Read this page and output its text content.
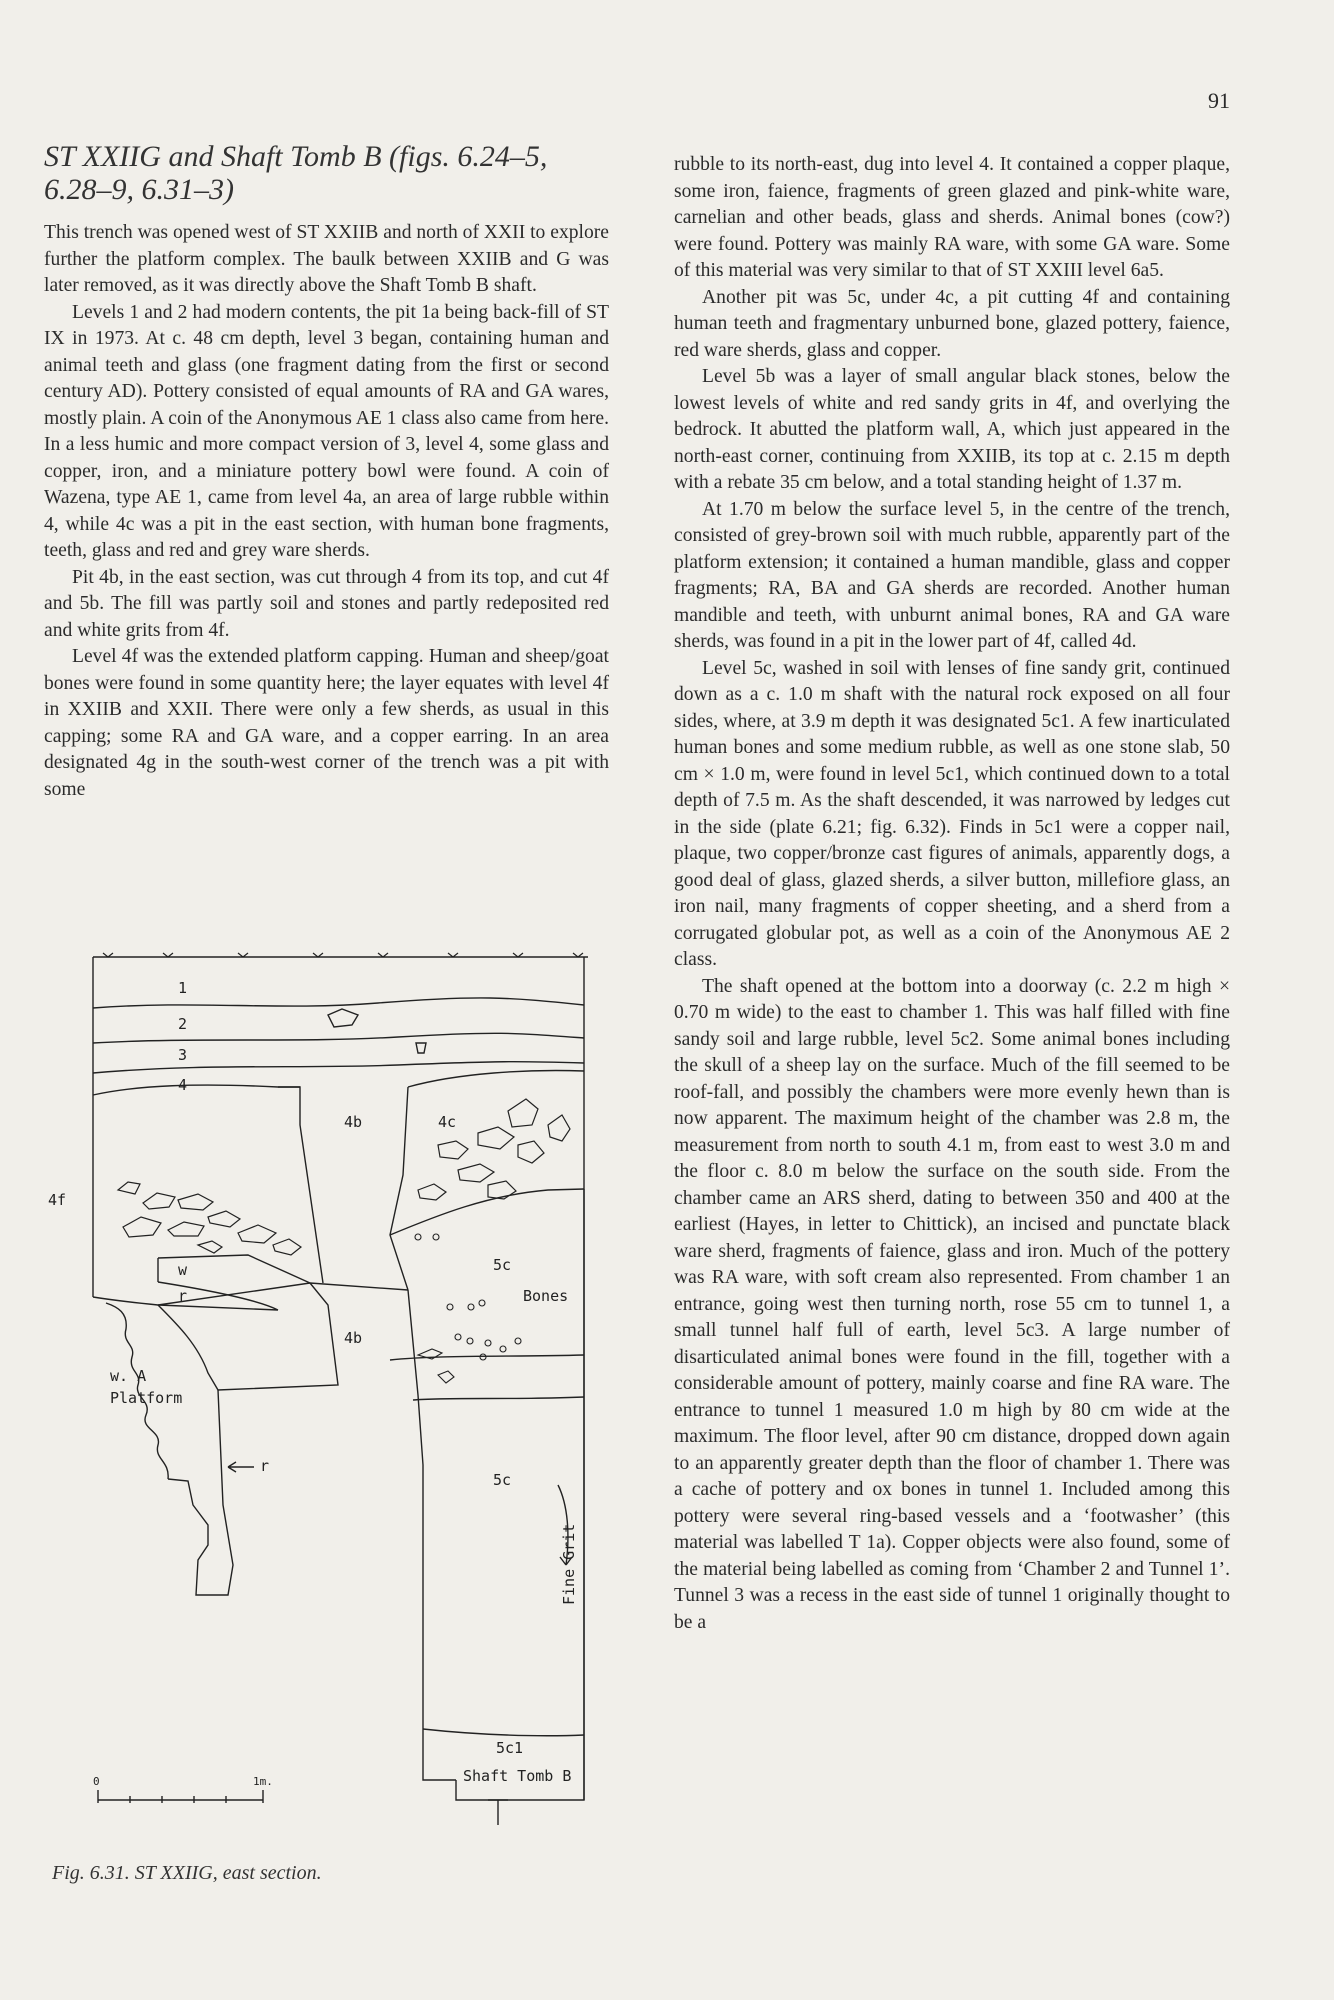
91
ST XXIIG and Shaft Tomb B (figs. 6.24–5, 6.28–9, 6.31–3)

This trench was opened west of ST XXIIB and north of XXII to explore further the platform complex. The baulk between XXIIB and G was later removed, as it was directly above the Shaft Tomb B shaft.

Levels 1 and 2 had modern contents, the pit 1a being back-fill of ST IX in 1973. At c. 48 cm depth, level 3 began, containing human and animal teeth and glass (one fragment dating from the first or second century AD). Pottery consisted of equal amounts of RA and GA wares, mostly plain. A coin of the Anonymous AE 1 class also came from here. In a less humic and more compact version of 3, level 4, some glass and copper, iron, and a miniature pottery bowl were found. A coin of Wazena, type AE 1, came from level 4a, an area of large rubble within 4, while 4c was a pit in the east section, with human bone fragments, teeth, glass and red and grey ware sherds.

Pit 4b, in the east section, was cut through 4 from its top, and cut 4f and 5b. The fill was partly soil and stones and partly redeposited red and white grits from 4f.

Level 4f was the extended platform capping. Human and sheep/goat bones were found in some quantity here; the layer equates with level 4f in XXIIB and XXII. There were only a few sherds, as usual in this capping; some RA and GA ware, and a copper earring. In an area designated 4g in the south-west corner of the trench was a pit with some

rubble to its north-east, dug into level 4. It contained a copper plaque, some iron, faience, fragments of green glazed and pink-white ware, carnelian and other beads, glass and sherds. Animal bones (cow?) were found. Pottery was mainly RA ware, with some GA ware. Some of this material was very similar to that of ST XXIII level 6a5.

Another pit was 5c, under 4c, a pit cutting 4f and containing human teeth and fragmentary unburned bone, glazed pottery, faience, red ware sherds, glass and copper.

Level 5b was a layer of small angular black stones, below the lowest levels of white and red sandy grits in 4f, and overlying the bedrock. It abutted the platform wall, A, which just appeared in the north-east corner, continuing from XXIIB, its top at c. 2.15 m depth with a rebate 35 cm below, and a total standing height of 1.37 m.

At 1.70 m below the surface level 5, in the centre of the trench, consisted of grey-brown soil with much rubble, apparently part of the platform extension; it contained a human mandible, glass and copper fragments; RA, BA and GA sherds are recorded. Another human mandible and teeth, with unburnt animal bones, RA and GA ware sherds, was found in a pit in the lower part of 4f, called 4d.

Level 5c, washed in soil with lenses of fine sandy grit, continued down as a c. 1.0 m shaft with the natural rock exposed on all four sides, where, at 3.9 m depth it was designated 5c1. A few inarticulated human bones and some medium rubble, as well as one stone slab, 50 cm × 1.0 m, were found in level 5c1, which continued down to a total depth of 7.5 m. As the shaft descended, it was narrowed by ledges cut in the side (plate 6.21; fig. 6.32). Finds in 5c1 were a copper nail, plaque, two copper/bronze cast figures of animals, apparently dogs, a good deal of glass, glazed sherds, a silver button, millefiore glass, an iron nail, many fragments of copper sheeting, and a sherd from a corrugated globular pot, as well as a coin of the Anonymous AE 2 class.

The shaft opened at the bottom into a doorway (c. 2.2 m high × 0.70 m wide) to the east to chamber 1. This was half filled with fine sandy soil and large rubble, level 5c2. Some animal bones including the skull of a sheep lay on the surface. Much of the fill seemed to be roof-fall, and possibly the chambers were more evenly hewn than is now apparent. The maximum height of the chamber was 2.8 m, the measurement from north to south 4.1 m, from east to west 3.0 m and the floor c. 8.0 m below the surface on the south side. From the chamber came an ARS sherd, dating to between 350 and 400 at the earliest (Hayes, in letter to Chittick), an incised and punctate black ware sherd, fragments of faience, glass and iron. Much of the pottery was RA ware, with soft cream also represented. From chamber 1 an entrance, going west then turning north, rose 55 cm to tunnel 1, a small tunnel half full of earth, level 5c3. A large number of disarticulated animal bones were found in the fill, together with a considerable amount of pottery, mainly coarse and fine RA ware. The entrance to tunnel 1 measured 1.0 m high by 80 cm wide at the maximum. The floor level, after 90 cm distance, dropped down again to an apparently greater depth than the floor of chamber 1. There was a cache of pottery and ox bones in tunnel 1. Included among this pottery were several ring-based vessels and a ‘footwasher’ (this material was labelled T 1a). Copper objects were also found, some of the material being labelled as coming from ‘Chamber 2 and Tunnel 1’. Tunnel 3 was a recess in the east side of tunnel 1 originally thought to be a

1
2
3
4
4b	4c
4f
w
r
5c
Bones
4b
w. A
Platform
r
5c
Fine Grit
5c1
Shaft Tomb B
0	1m.
Fig. 6.31. ST XXIIG, east section.
